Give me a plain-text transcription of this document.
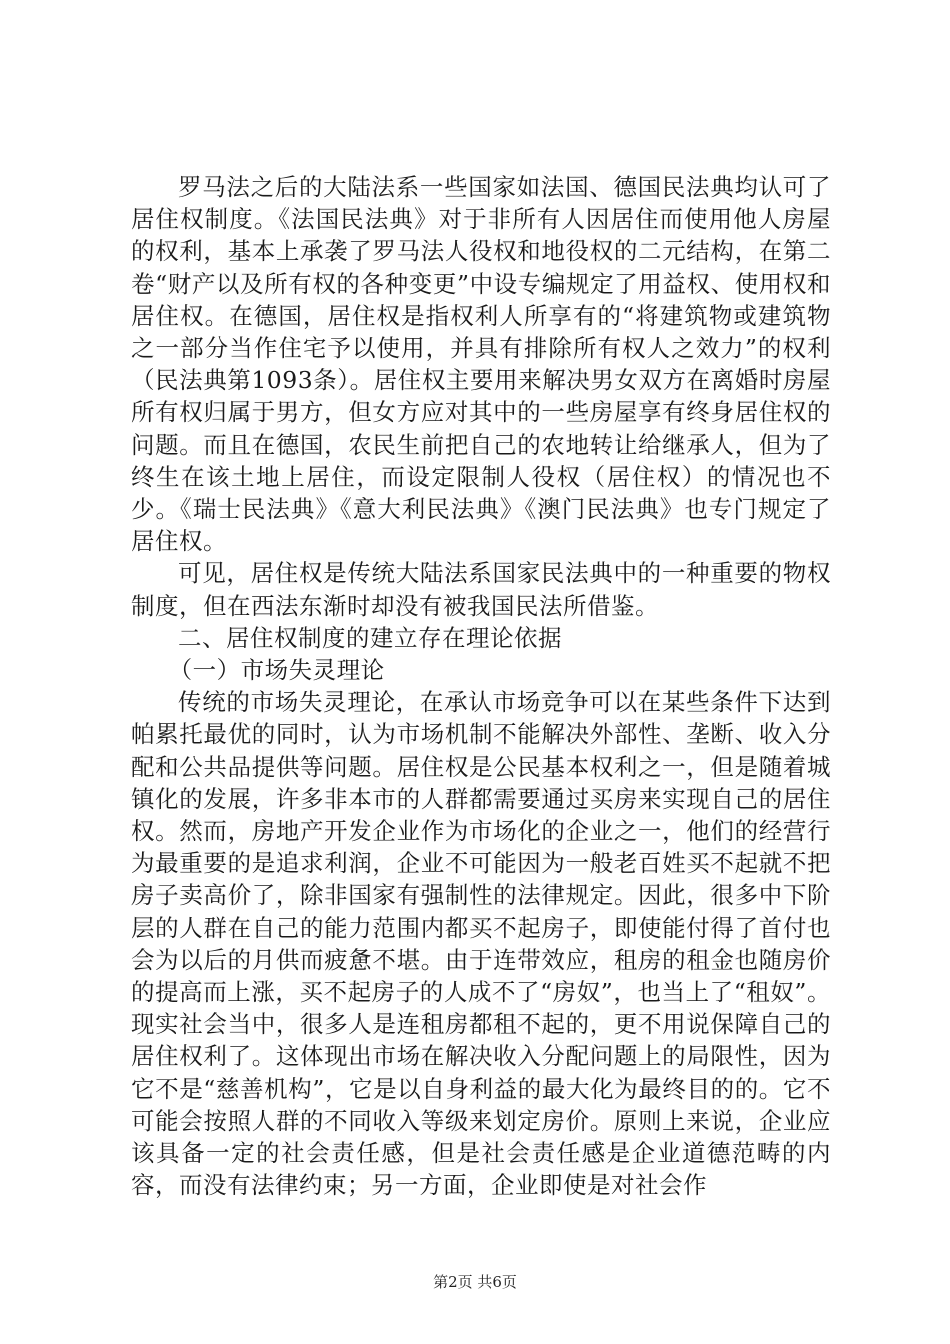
罗马法之后的大陆法系一些国家如法国、德国民法典均认可了居住权制度。《法国民法典》对于非所有人因居住而使用他人房屋的权利，基本上承袭了罗马法人役权和地役权的二元结构，在第二卷“财产以及所有权的各种变更”中设专编规定了用益权、使用权和居住权。在德国，居住权是指权利人所享有的“将建筑物或建筑物之一部分当作住宅予以使用，并具有排除所有权人之效力”的权利（民法典第1093条）。居住权主要用来解决男女双方在离婚时房屋所有权归属于男方，但女方应对其中的一些房屋享有终身居住权的问题。而且在德国，农民生前把自己的农地转让给继承人，但为了终生在该土地上居住，而设定限制人役权（居住权）的情况也不少。《瑞士民法典》《意大利民法典》《澳门民法典》也专门规定了居住权。

可见，居住权是传统大陆法系国家民法典中的一种重要的物权制度，但在西法东渐时却没有被我国民法所借鉴。

二、居住权制度的建立存在理论依据

（一）市场失灵理论

传统的市场失灵理论，在承认市场竞争可以在某些条件下达到帕累托最优的同时，认为市场机制不能解决外部性、垄断、收入分配和公共品提供等问题。居住权是公民基本权利之一，但是随着城镇化的发展，许多非本市的人群都需要通过买房来实现自己的居住权。然而，房地产开发企业作为市场化的企业之一，他们的经营行为最重要的是追求利润，企业不可能因为一般老百姓买不起就不把房子卖高价了，除非国家有强制性的法律规定。因此，很多中下阶层的人群在自己的能力范围内都买不起房子，即使能付得了首付也会为以后的月供而疲惫不堪。由于连带效应，租房的租金也随房价的提高而上涨，买不起房子的人成不了“房奴”，也当上了“租奴”。现实社会当中，很多人是连租房都租不起的，更不用说保障自己的居住权利了。这体现出市场在解决收入分配问题上的局限性，因为它不是“慈善机构”，它是以自身利益的最大化为最终目的的。它不可能会按照人群的不同收入等级来划定房价。原则上来说，企业应该具备一定的社会责任感，但是社会责任感是企业道德范畴的内容，而没有法律约束；另一方面，企业即使是对社会作

第2页 共6页
